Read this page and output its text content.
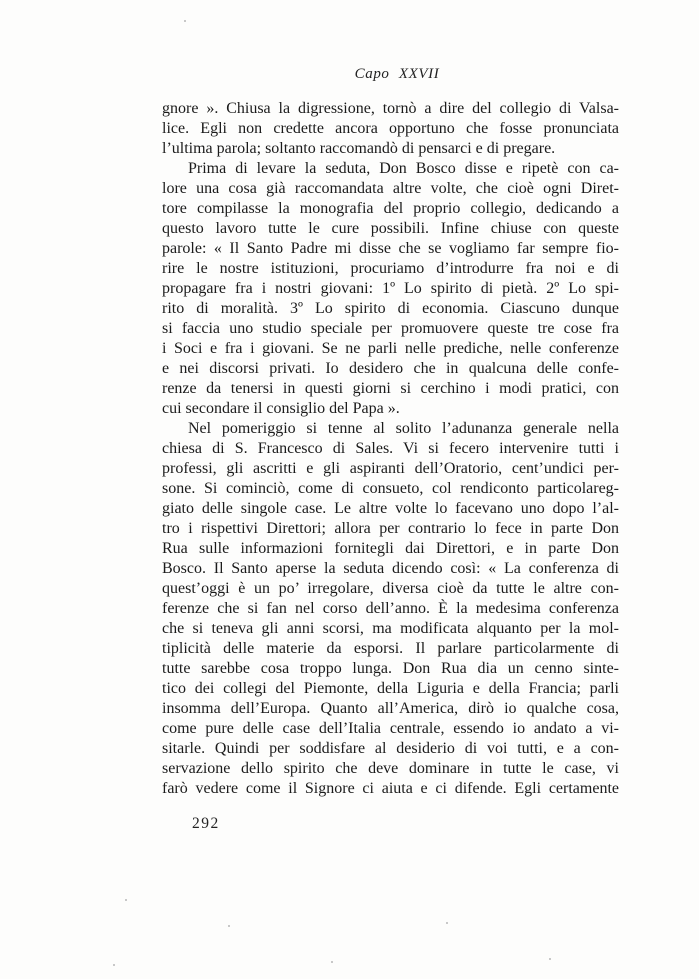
Capo XXVII
gnore ». Chiusa la digressione, tornò a dire del collegio di Valsa-
lice. Egli non credette ancora opportuno che fosse pronunciata
l’ultima parola; soltanto raccomandò di pensarci e di pregare.
Prima di levare la seduta, Don Bosco disse e ripetè con ca-
lore una cosa già raccomandata altre volte, che cioè ogni Diret-
tore compilasse la monografia del proprio collegio, dedicando a
questo lavoro tutte le cure possibili. Infine chiuse con queste
parole: « Il Santo Padre mi disse che se vogliamo far sempre fio-
rire le nostre istituzioni, procuriamo d’introdurre fra noi e di
propagare fra i nostri giovani: 1º Lo spirito di pietà. 2º Lo spi-
rito di moralità. 3º Lo spirito di economia. Ciascuno dunque
si faccia uno studio speciale per promuovere queste tre cose fra
i Soci e fra i giovani. Se ne parli nelle prediche, nelle conferenze
e nei discorsi privati. Io desidero che in qualcuna delle confe-
renze da tenersi in questi giorni si cerchino i modi pratici, con
cui secondare il consiglio del Papa ».
Nel pomeriggio si tenne al solito l’adunanza generale nella
chiesa di S. Francesco di Sales. Vi si fecero intervenire tutti i
professi, gli ascritti e gli aspiranti dell’Oratorio, cent’undici per-
sone. Si cominciò, come di consueto, col rendiconto particolareg-
giato delle singole case. Le altre volte lo facevano uno dopo l’al-
tro i rispettivi Direttori; allora per contrario lo fece in parte Don
Rua sulle informazioni fornitegli dai Direttori, e in parte Don
Bosco. Il Santo aperse la seduta dicendo così: « La conferenza di
quest’oggi è un po’ irregolare, diversa cioè da tutte le altre con-
ferenze che si fan nel corso dell’anno. È la medesima conferenza
che si teneva gli anni scorsi, ma modificata alquanto per la mol-
tiplicità delle materie da esporsi. Il parlare particolarmente di
tutte sarebbe cosa troppo lunga. Don Rua dia un cenno sinte-
tico dei collegi del Piemonte, della Liguria e della Francia; parli
insomma dell’Europa. Quanto all’America, dirò io qualche cosa,
come pure delle case dell’Italia centrale, essendo io andato a vi-
sitarle. Quindi per soddisfare al desiderio di voi tutti, e a con-
servazione dello spirito che deve dominare in tutte le case, vi
farò vedere come il Signore ci aiuta e ci difende. Egli certamente
292
